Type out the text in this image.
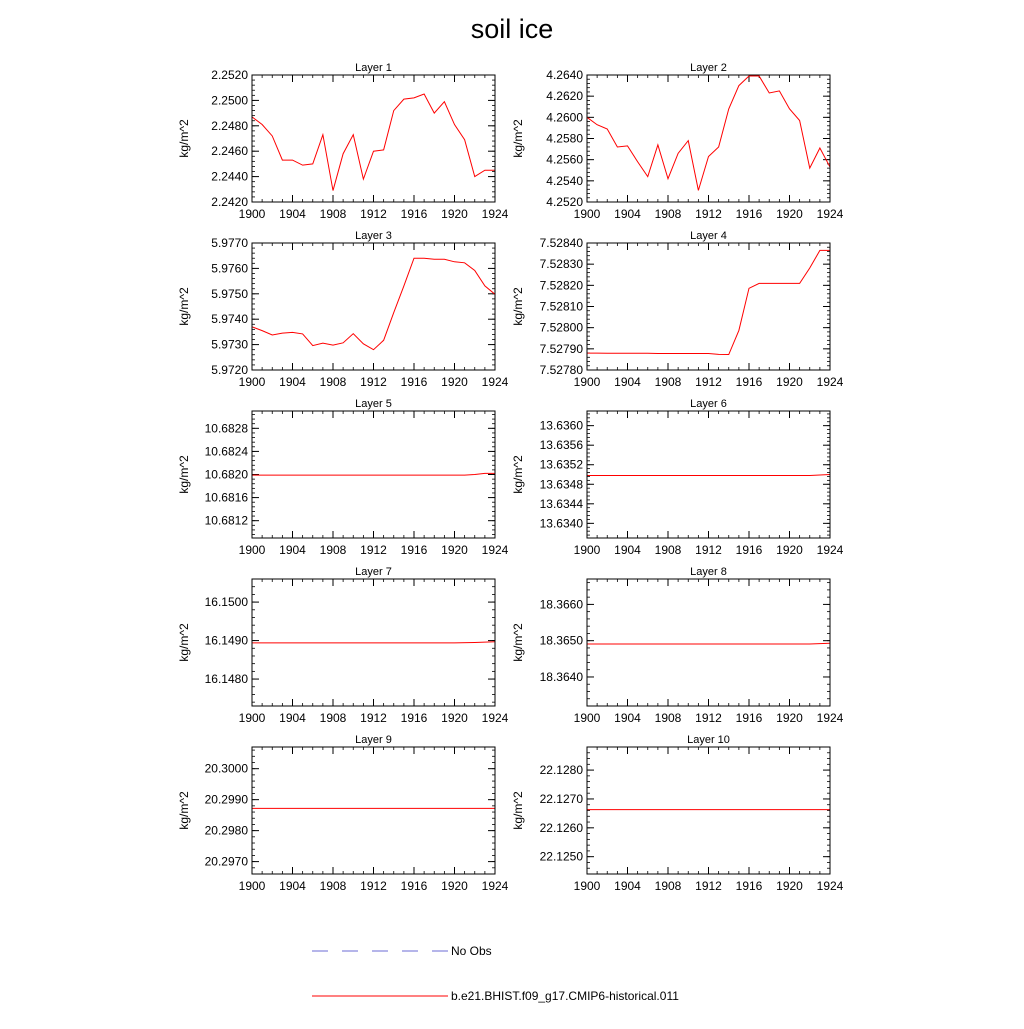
soil ice
Layer 1
kg/m^2
1900 1904 1908 1912 1916 1920 1924
2.2420
2.2440
2.2460
2.2480
2.2500
2.2520	Layer 2
kg/m^2
1900 1904 1908 1912 1916 1920 1924
4.2520
4.2540
4.2560
4.2580
4.2600
4.2620
4.2640
Layer 3
kg/m^2
1900 1904 1908 1912 1916 1920 1924
5.9720
5.9730
5.9740
5.9750
5.9760
5.9770	Layer 4
kg/m^2
1900 1904 1908 1912 1916 1920 1924
7.52780
7.52790
7.52800
7.52810
7.52820
7.52830
7.52840
Layer 5
kg/m^2
1900 1904 1908 1912 1916 1920 1924
10.6812
10.6816
10.6820
10.6824
10.6828
Layer 6
kg/m^2
1900 1904 1908 1912 1916 1920 1924
13.6340
13.6344
13.6348
13.6352
13.6356
13.6360
Layer 7
kg/m^2
1900 1904 1908 1912 1916 1920 1924
16.1480
16.1490
16.1500
Layer 8
kg/m^2
1900 1904 1908 1912 1916 1920 1924
18.3640
18.3650
18.3660
Layer 9
kg/m^2
1900 1904 1908 1912 1916 1920 1924
20.2970
20.2980
20.2990
20.3000
Layer 10
kg/m^2
1900 1904 1908 1912 1916 1920 1924
22.1250
22.1260
22.1270
22.1280
No Obs
b.e21.BHIST.f09_g17.CMIP6-historical.011
